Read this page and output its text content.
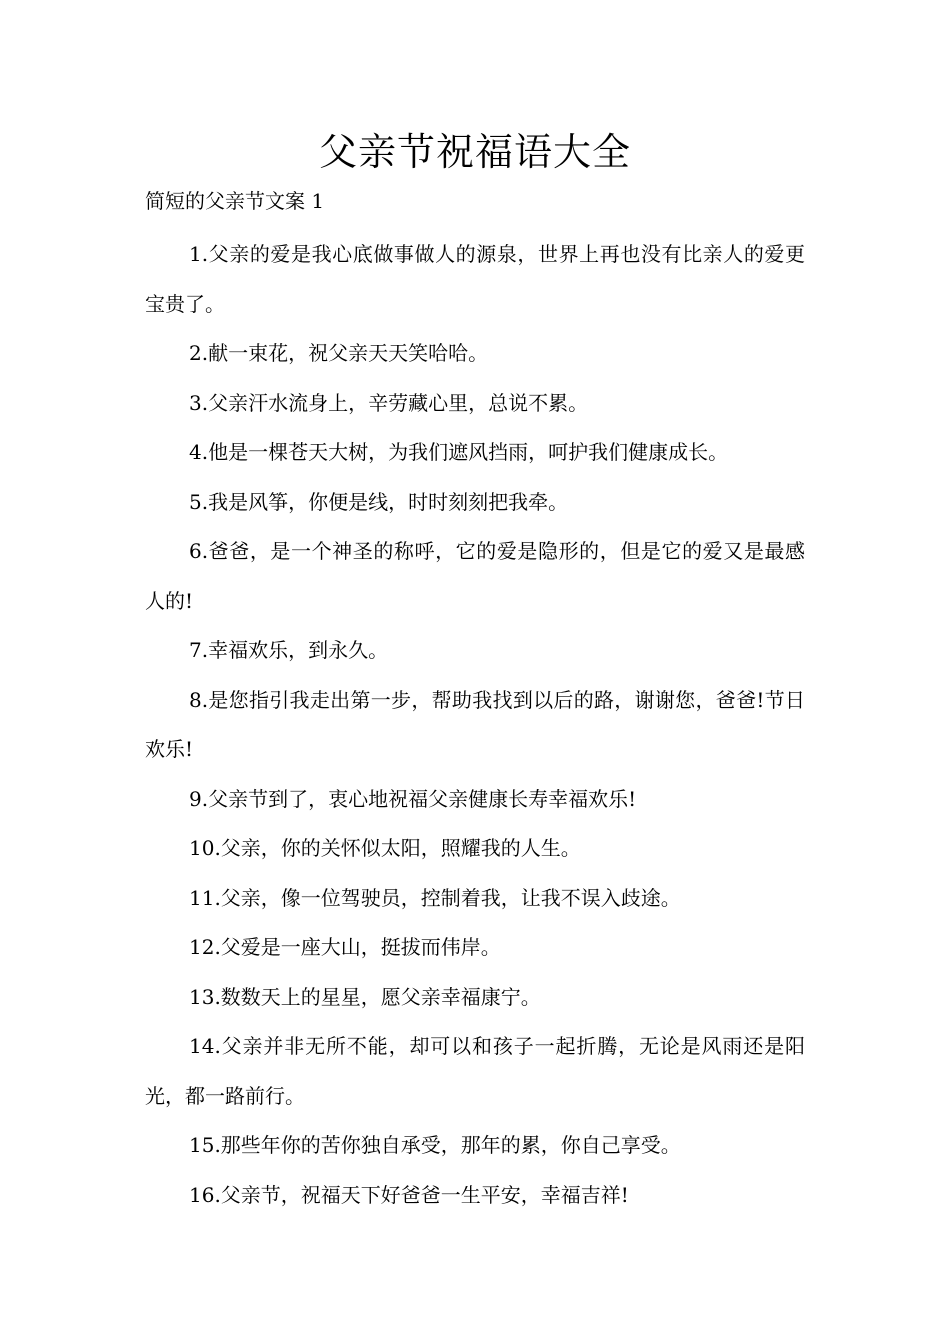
父亲节祝福语大全

简短的父亲节文案 1

1.父亲的爱是我心底做事做人的源泉，世界上再也没有比亲人的爱更宝贵了。

2.献一束花，祝父亲天天笑哈哈。

3.父亲汗水流身上，辛劳藏心里，总说不累。

4.他是一棵苍天大树，为我们遮风挡雨，呵护我们健康成长。

5.我是风筝，你便是线，时时刻刻把我牵。

6.爸爸，是一个神圣的称呼，它的爱是隐形的，但是它的爱又是最感人的!

7.幸福欢乐，到永久。

8.是您指引我走出第一步，帮助我找到以后的路，谢谢您，爸爸!节日欢乐!

9.父亲节到了，衷心地祝福父亲健康长寿幸福欢乐!

10.父亲，你的关怀似太阳，照耀我的人生。

11.父亲，像一位驾驶员，控制着我，让我不误入歧途。

12.父爱是一座大山，挺拔而伟岸。

13.数数天上的星星，愿父亲幸福康宁。

14.父亲并非无所不能，却可以和孩子一起折腾，无论是风雨还是阳光，都一路前行。

15.那些年你的苦你独自承受，那年的累，你自己享受。

16.父亲节，祝福天下好爸爸一生平安，幸福吉祥!
